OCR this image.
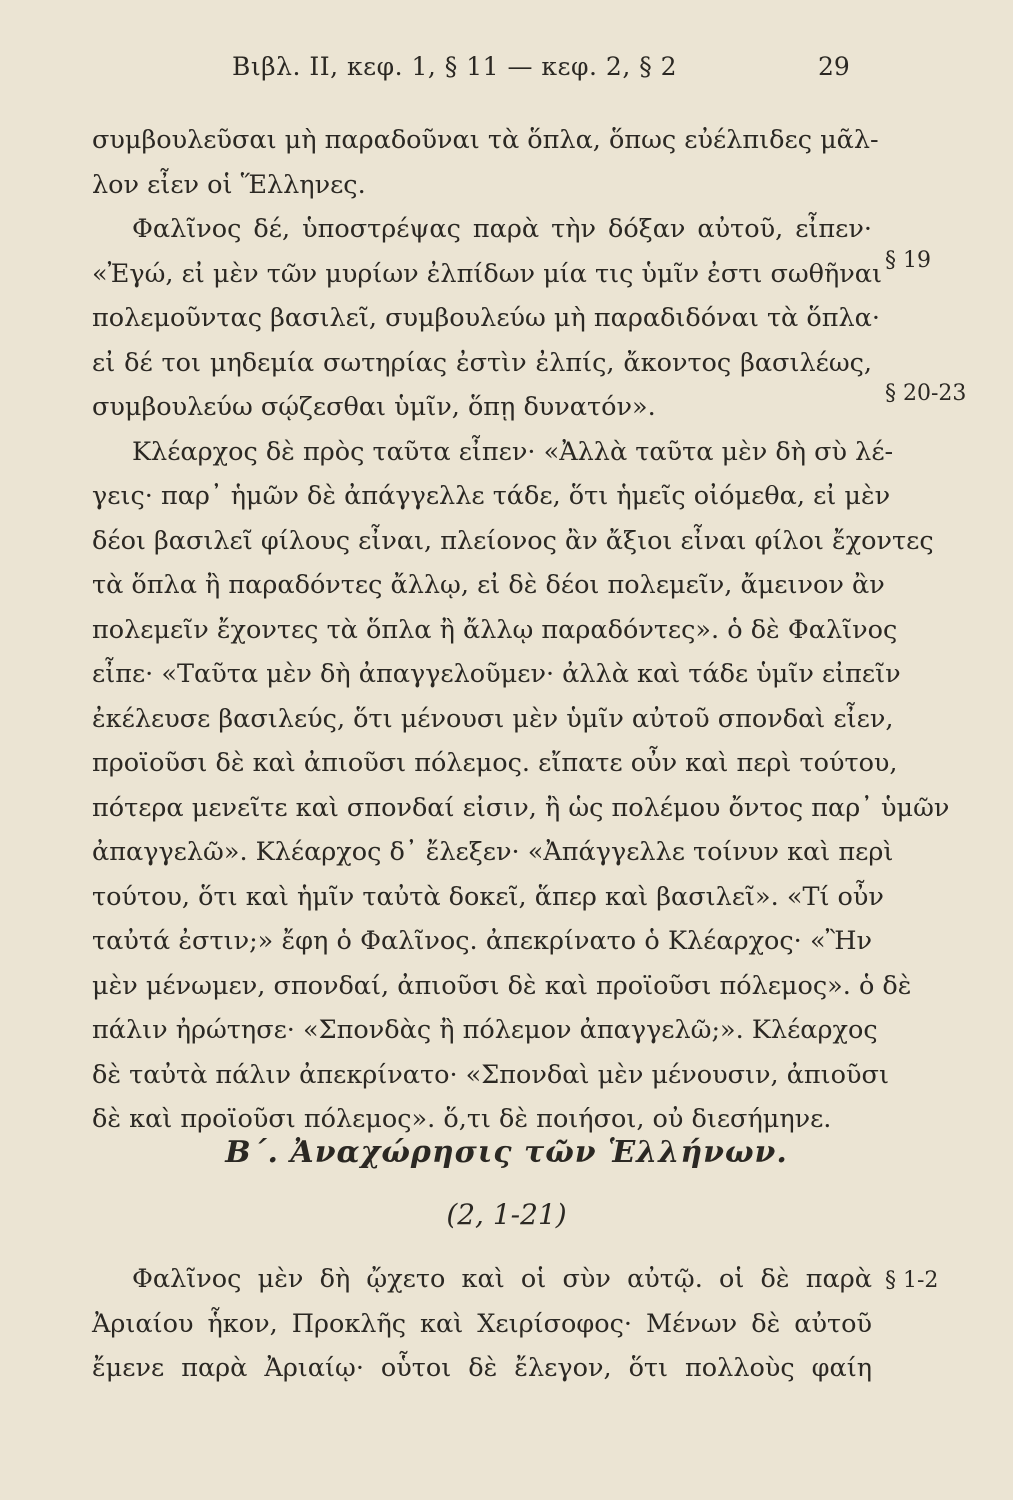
Βιβλ. ΙΙ, κεφ. 1, § 11 — κεφ. 2, § 2	29
συμβουλεῦσαι μὴ παραδοῦναι τὰ ὅπλα, ὅπως εὐέλπιδες μᾶλ-
λον εἶεν οἱ Ἕλληνες.
Φαλῖνος δέ, ὑποστρέψας παρὰ τὴν δόξαν αὐτοῦ, εἶπεν·
«Ἐγώ, εἰ μὲν τῶν μυρίων ἐλπίδων μία τις ὑμῖν ἐστι σωθῆναι
πολεμοῦντας βασιλεῖ, συμβουλεύω μὴ παραδιδόναι τὰ ὅπλα·
εἰ δέ τοι μηδεμία σωτηρίας ἐστὶν ἐλπίς, ἄκοντος βασιλέως,
συμβουλεύω σῴζεσθαι ὑμῖν, ὅπῃ δυνατόν».
Κλέαρχος δὲ πρὸς ταῦτα εἶπεν· «Ἀλλὰ ταῦτα μὲν δὴ σὺ λέ-
γεις· παρ᾽ ἡμῶν δὲ ἀπάγγελλε τάδε, ὅτι ἡμεῖς οἰόμεθα, εἰ μὲν
δέοι βασιλεῖ φίλους εἶναι, πλείονος ἂν ἄξιοι εἶναι φίλοι ἔχοντες
τὰ ὅπλα ἢ παραδόντες ἄλλῳ, εἰ δὲ δέοι πολεμεῖν, ἄμεινον ἂν
πολεμεῖν ἔχοντες τὰ ὅπλα ἢ ἄλλῳ παραδόντες». ὁ δὲ Φαλῖνος
εἶπε· «Ταῦτα μὲν δὴ ἀπαγγελοῦμεν· ἀλλὰ καὶ τάδε ὑμῖν εἰπεῖν
ἐκέλευσε βασιλεύς, ὅτι μένουσι μὲν ὑμῖν αὐτοῦ σπονδαὶ εἶεν,
προϊοῦσι δὲ καὶ ἀπιοῦσι πόλεμος. εἴπατε οὖν καὶ περὶ τούτου,
πότερα μενεῖτε καὶ σπονδαί εἰσιν, ἢ ὡς πολέμου ὄντος παρ᾽ ὑμῶν
ἀπαγγελῶ». Κλέαρχος δ᾽ ἔλεξεν· «Ἀπάγγελλε τοίνυν καὶ περὶ
τούτου, ὅτι καὶ ἡμῖν ταὐτὰ δοκεῖ, ἅπερ καὶ βασιλεῖ». «Τί οὖν
ταὐτά ἐστιν;» ἔφη ὁ Φαλῖνος. ἀπεκρίνατο ὁ Κλέαρχος· «Ἢν
μὲν μένωμεν, σπονδαί, ἀπιοῦσι δὲ καὶ προϊοῦσι πόλεμος». ὁ δὲ
πάλιν ἠρώτησε· «Σπονδὰς ἢ πόλεμον ἀπαγγελῶ;». Κλέαρχος
δὲ ταὐτὰ πάλιν ἀπεκρίνατο· «Σπονδαὶ μὲν μένουσιν, ἀπιοῦσι
δὲ καὶ προϊοῦσι πόλεμος». ὅ,τι δὲ ποιήσοι, οὐ διεσήμηνε.
§ 19
§ 20-23
Β΄. Ἀναχώρησις τῶν Ἑλλήνων.
(2, 1-21)
Φαλῖνος μὲν δὴ ᾤχετο καὶ οἱ σὺν αὐτῷ. οἱ δὲ παρὰ
Ἀριαίου ἧκον, Προκλῆς καὶ Χειρίσοφος· Μένων δὲ αὐτοῦ
ἔμενε παρὰ Ἀριαίῳ· οὗτοι δὲ ἔλεγον, ὅτι πολλοὺς φαίη
§ 1-2
